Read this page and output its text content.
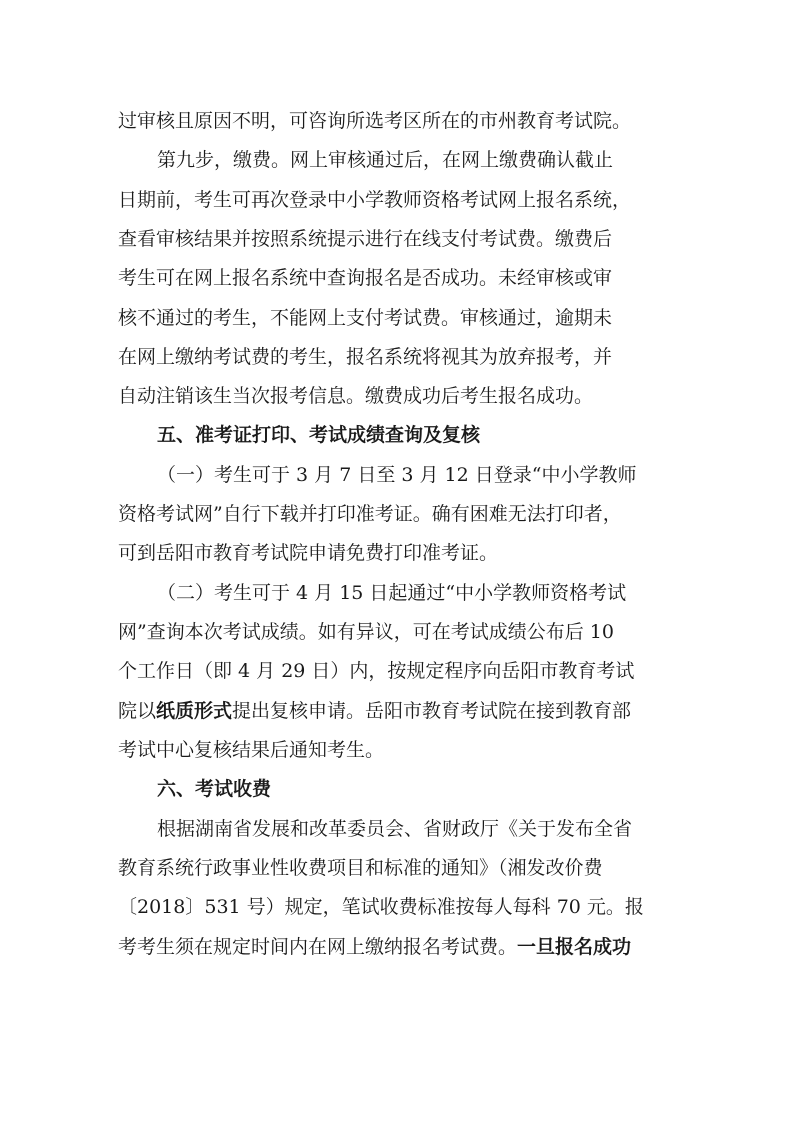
过审核且原因不明，可咨询所选考区所在的市州教育考试院。
第九步，缴费。网上审核通过后，在网上缴费确认截止
日期前，考生可再次登录中小学教师资格考试网上报名系统，
查看审核结果并按照系统提示进行在线支付考试费。缴费后
考生可在网上报名系统中查询报名是否成功。未经审核或审
核不通过的考生，不能网上支付考试费。审核通过，逾期未
在网上缴纳考试费的考生，报名系统将视其为放弃报考，并
自动注销该生当次报考信息。缴费成功后考生报名成功。
五、准考证打印、考试成绩查询及复核
（一）考生可于 3 月 7 日至 3 月 12 日登录“中小学教师
资格考试网”自行下载并打印准考证。确有困难无法打印者，
可到岳阳市教育考试院申请免费打印准考证。
（二）考生可于 4 月 15 日起通过“中小学教师资格考试
网”查询本次考试成绩。如有异议，可在考试成绩公布后 10
个工作日（即 4 月 29 日）内，按规定程序向岳阳市教育考试
院以纸质形式提出复核申请。岳阳市教育考试院在接到教育部
考试中心复核结果后通知考生。
六、考试收费
根据湖南省发展和改革委员会、省财政厅《关于发布全省
教育系统行政事业性收费项目和标准的通知》（湘发改价费
〔2018〕531 号）规定，笔试收费标准按每人每科 70 元。报
考考生须在规定时间内在网上缴纳报名考试费。一旦报名成功
